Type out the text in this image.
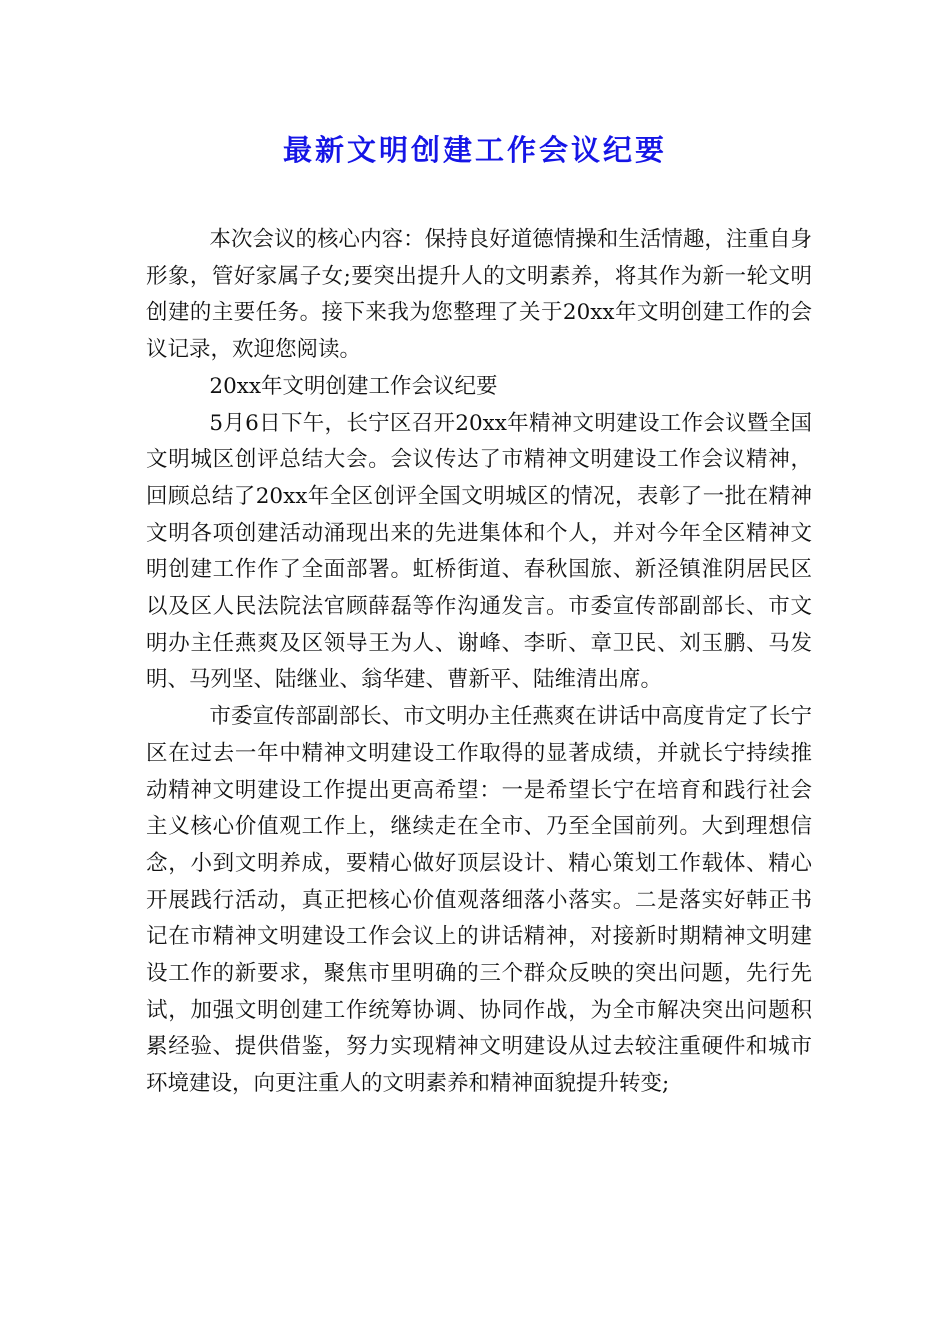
最新文明创建工作会议纪要

本次会议的核心内容：保持良好道德情操和生活情趣，注重自身形象，管好家属子女;要突出提升人的文明素养，将其作为新一轮文明创建的主要任务。接下来我为您整理了关于20xx年文明创建工作的会议记录，欢迎您阅读。

20xx年文明创建工作会议纪要

5月6日下午，长宁区召开20xx年精神文明建设工作会议暨全国文明城区创评总结大会。会议传达了市精神文明建设工作会议精神，回顾总结了20xx年全区创评全国文明城区的情况，表彰了一批在精神文明各项创建活动涌现出来的先进集体和个人，并对今年全区精神文明创建工作作了全面部署。虹桥街道、春秋国旅、新泾镇淮阴居民区以及区人民法院法官顾薛磊等作沟通发言。市委宣传部副部长、市文明办主任燕爽及区领导王为人、谢峰、李昕、章卫民、刘玉鹏、马发明、马列坚、陆继业、翁华建、曹新平、陆维清出席。

市委宣传部副部长、市文明办主任燕爽在讲话中高度肯定了长宁区在过去一年中精神文明建设工作取得的显著成绩，并就长宁持续推动精神文明建设工作提出更高希望：一是希望长宁在培育和践行社会主义核心价值观工作上，继续走在全市、乃至全国前列。大到理想信念，小到文明养成，要精心做好顶层设计、精心策划工作载体、精心开展践行活动，真正把核心价值观落细落小落实。二是落实好韩正书记在市精神文明建设工作会议上的讲话精神，对接新时期精神文明建设工作的新要求，聚焦市里明确的三个群众反映的突出问题，先行先试，加强文明创建工作统筹协调、协同作战，为全市解决突出问题积累经验、提供借鉴，努力实现精神文明建设从过去较注重硬件和城市环境建设，向更注重人的文明素养和精神面貌提升转变;
